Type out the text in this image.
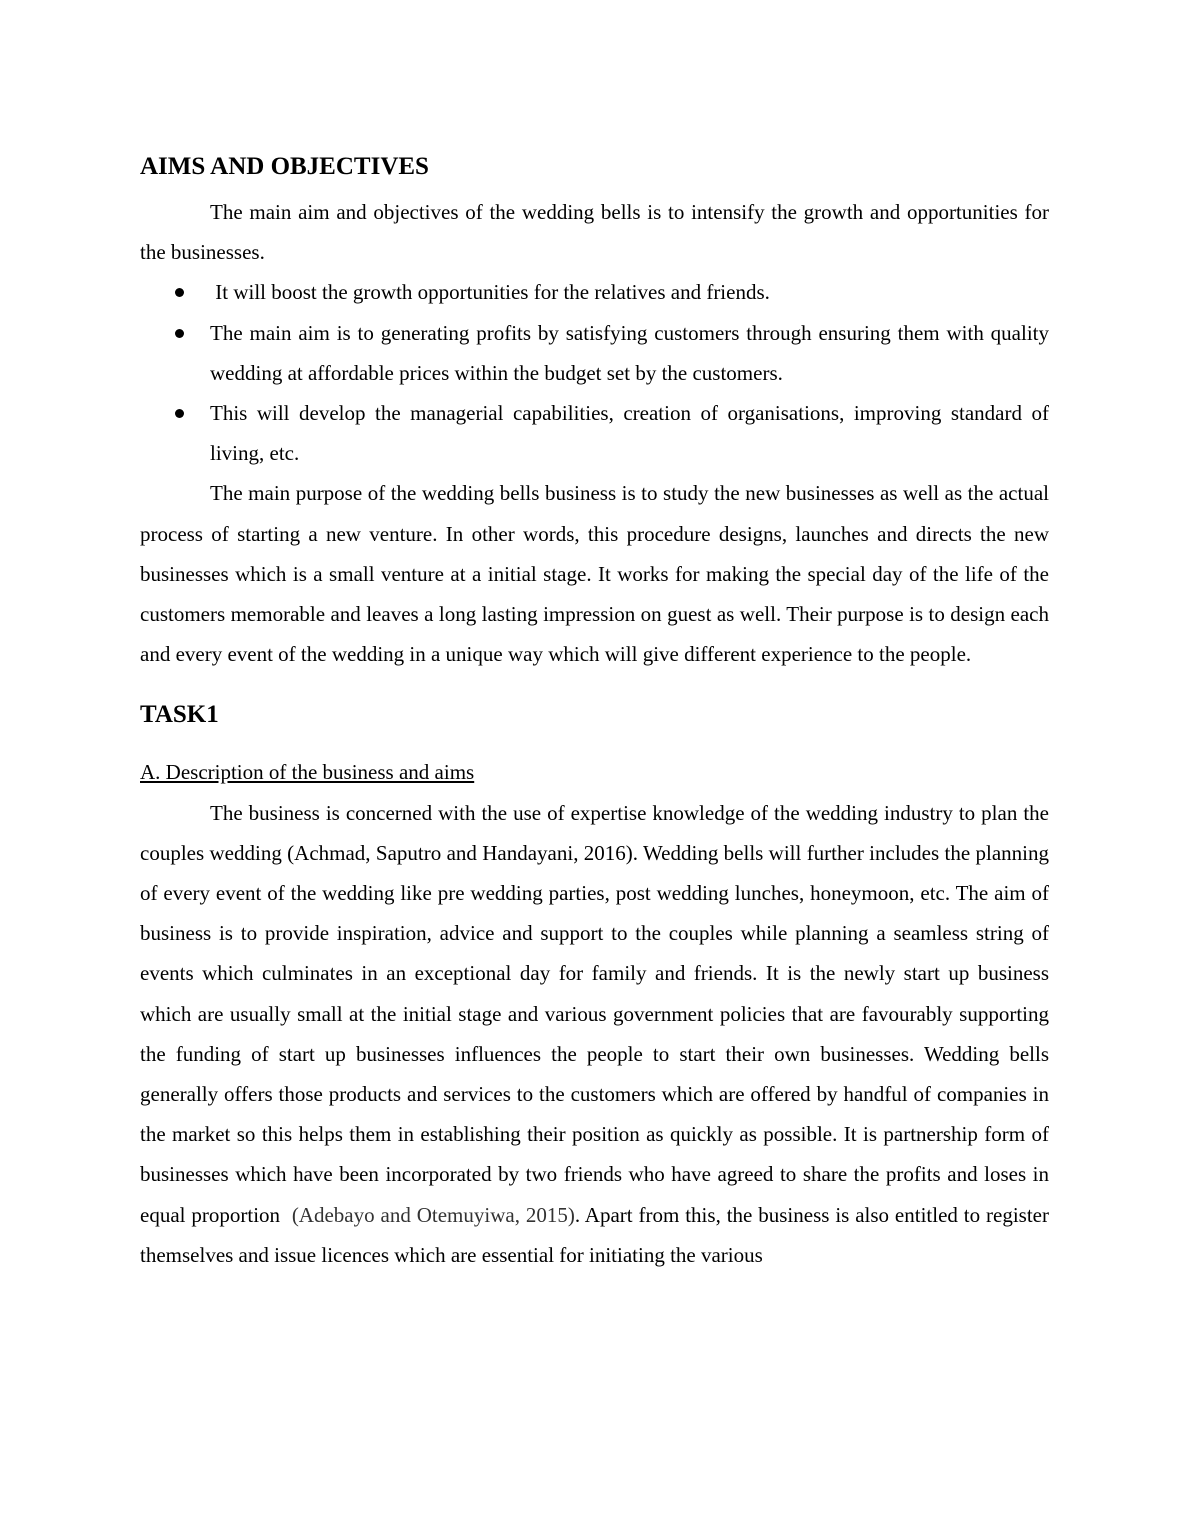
AIMS AND OBJECTIVES

The main aim and objectives of the wedding bells is to intensify the growth and opportunities for the businesses.

It will boost the growth opportunities for the relatives and friends.
The main aim is to generating profits by satisfying customers through ensuring them with quality wedding at affordable prices within the budget set by the customers.
This will develop the managerial capabilities, creation of organisations, improving standard of living, etc.

The main purpose of the wedding bells business is to study the new businesses as well as the actual process of starting a new venture. In other words, this procedure designs, launches and directs the new businesses which is a small venture at a initial stage. It works for making the special day of the life of the customers memorable and leaves a long lasting impression on guest as well. Their purpose is to design each and every event of the wedding in a unique way which will give different experience to the people.

TASK1

A. Description of the business and aims

The business is concerned with the use of expertise knowledge of the wedding industry to plan the couples wedding (Achmad, Saputro and Handayani, 2016). Wedding bells will further includes the planning of every event of the wedding like pre wedding parties, post wedding lunches, honeymoon, etc. The aim of business is to provide inspiration, advice and support to the couples while planning a seamless string of events which culminates in an exceptional day for family and friends. It is the newly start up business which are usually small at the initial stage and various government policies that are favourably supporting the funding of start up businesses influences the people to start their own businesses. Wedding bells generally offers those products and services to the customers which are offered by handful of companies in the market so this helps them in establishing their position as quickly as possible. It is partnership form of businesses which have been incorporated by two friends who have agreed to share the profits and loses in equal proportion  (Adebayo and Otemuyiwa, 2015). Apart from this, the business is also entitled to register themselves and issue licences which are essential for initiating the various
